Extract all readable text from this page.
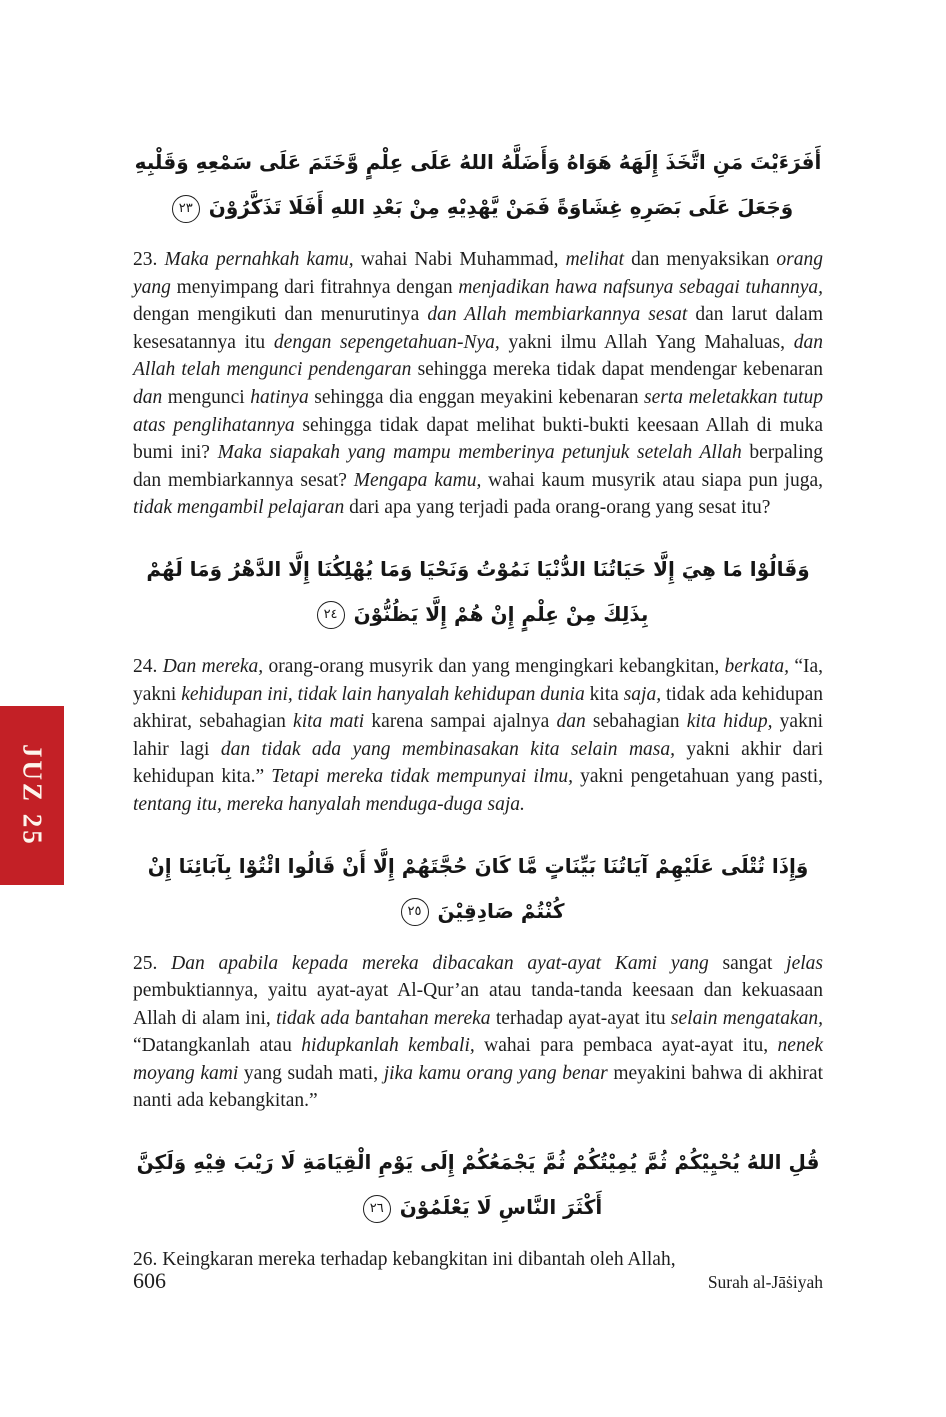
JUZ 25
أَفَرَءَيْتَ مَنِ اتَّخَذَ إِلَهَهُ هَوَاهُ وَأَضَلَّهُ اللهُ عَلَى عِلْمٍ وَّخَتَمَ عَلَى سَمْعِهِ وَقَلْبِهِ وَجَعَلَ عَلَى بَصَرِهِ غِشَاوَةً فَمَنْ يَّهْدِيْهِ مِنْ بَعْدِ اللهِ أَفَلَا تَذَكَّرُوْنَ٢٣

23. Maka pernahkah kamu, wahai Nabi Muhammad, melihat dan menyaksikan orang yang menyimpang dari fitrahnya dengan menjadikan hawa nafsunya sebagai tuhannya, dengan mengikuti dan menurutinya dan Allah membiarkannya sesat dan larut dalam kesesatannya itu dengan sepengetahuan-Nya, yakni ilmu Allah Yang Mahaluas, dan Allah telah mengunci pendengaran sehingga mereka tidak dapat mendengar kebenaran dan mengunci hatinya sehingga dia enggan meyakini kebenaran serta meletakkan tutup atas penglihatannya sehingga tidak dapat melihat bukti-bukti keesaan Allah di muka bumi ini? Maka siapakah yang mampu memberinya petunjuk setelah Allah berpaling dan membiarkannya sesat? Mengapa kamu, wahai kaum musyrik atau siapa pun juga, tidak mengambil pelajaran dari apa yang terjadi pada orang-orang yang sesat itu?

وَقَالُوْا مَا هِيَ إِلَّا حَيَاتُنَا الدُّنْيَا نَمُوْتُ وَنَحْيَا وَمَا يُهْلِكُنَا إِلَّا الدَّهْرُ وَمَا لَهُمْ بِذَلِكَ مِنْ عِلْمٍ إِنْ هُمْ إِلَّا يَظُنُّوْنَ٢٤

24. Dan mereka, orang-orang musyrik dan yang mengingkari kebangkitan, berkata, “Ia, yakni kehidupan ini, tidak lain hanyalah kehidupan dunia kita saja, tidak ada kehidupan akhirat, sebahagian kita mati karena sampai ajalnya dan sebahagian kita hidup, yakni lahir lagi dan tidak ada yang membinasakan kita selain masa, yakni akhir dari kehidupan kita.” Tetapi mereka tidak mempunyai ilmu, yakni pengetahuan yang pasti, tentang itu, mereka hanyalah menduga-duga saja.

وَإِذَا تُتْلَى عَلَيْهِمْ آيَاتُنَا بَيِّنَاتٍ مَّا كَانَ حُجَّتَهُمْ إِلَّا أَنْ قَالُوا ائْتُوْا بِآبَائِنَا إِنْ كُنْتُمْ صَادِقِيْنَ٢٥

25. Dan apabila kepada mereka dibacakan ayat-ayat Kami yang sangat jelas pembuktiannya, yaitu ayat-ayat Al-Qur’an atau tanda-tanda keesaan dan kekuasaan Allah di alam ini, tidak ada bantahan mereka terhadap ayat-ayat itu selain mengatakan, “Datangkanlah atau hidupkanlah kembali, wahai para pembaca ayat-ayat itu, nenek moyang kami yang sudah mati, jika kamu orang yang benar meyakini bahwa di akhirat nanti ada kebangkitan.”

قُلِ اللهُ يُحْيِيْكُمْ ثُمَّ يُمِيْتُكُمْ ثُمَّ يَجْمَعُكُمْ إِلَى يَوْمِ الْقِيَامَةِ لَا رَيْبَ فِيْهِ وَلَكِنَّ أَكْثَرَ النَّاسِ لَا يَعْلَمُوْنَ٢٦

26. Keingkaran mereka terhadap kebangkitan ini dibantah oleh Allah,

606	Surah al-Jāṡiyah
